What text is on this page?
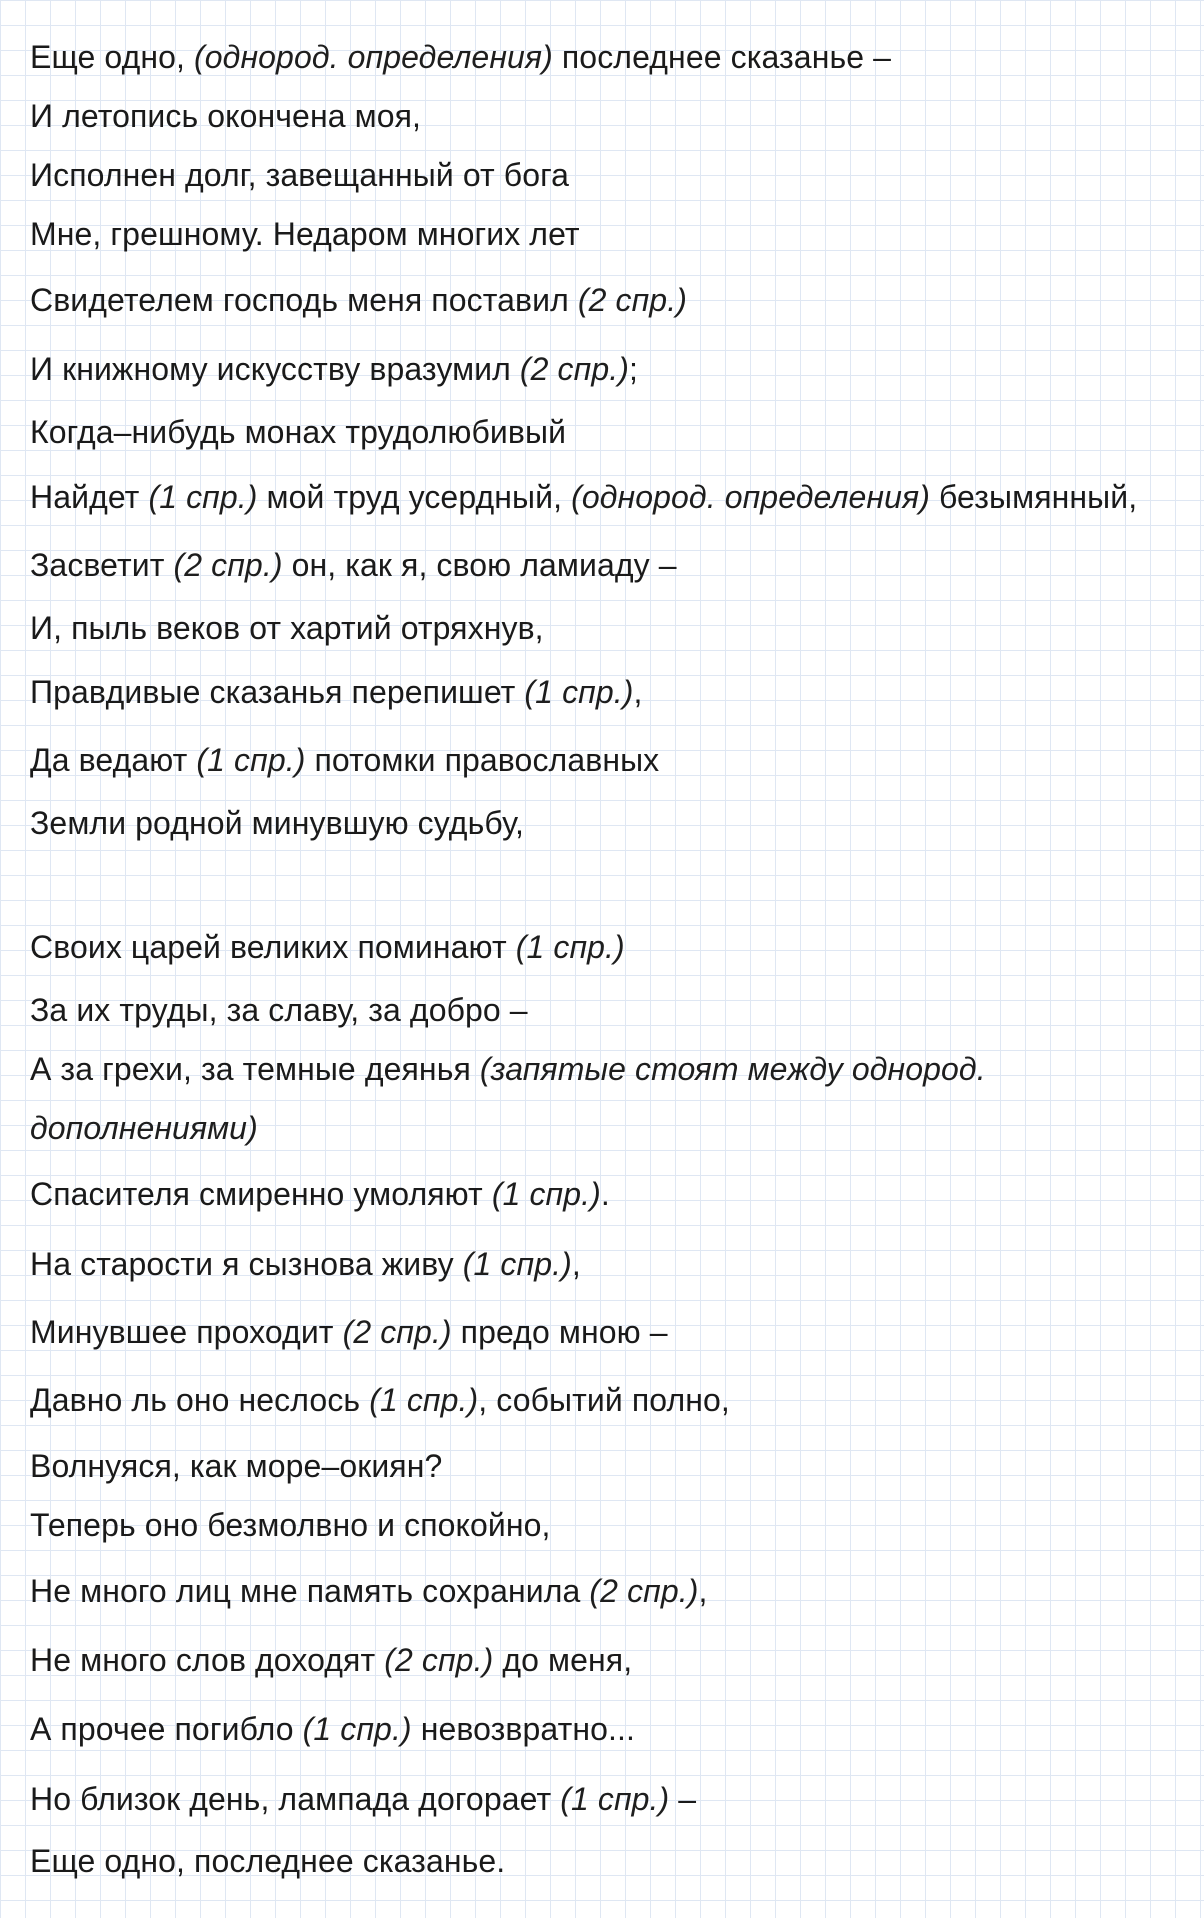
Еще одно, (однород. определения) последнее сказанье –
И летопись окончена моя,
Исполнен долг, завещанный от бога
Мне, грешному. Недаром многих лет
Свидетелем господь меня поставил (2 спр.)
И книжному искусству вразумил (2 спр.);
Когда–нибудь монах трудолюбивый
Найдет (1 спр.) мой труд усердный, (однород. определения) безымянный,
Засветит (2 спр.) он, как я, свою ламиаду –
И, пыль веков от хартий отряхнув,
Правдивые сказанья перепишет (1 спр.),
Да ведают (1 спр.) потомки православных
Земли родной минувшую судьбу,
Своих царей великих поминают (1 спр.)
За их труды, за славу, за добро –
А за грехи, за темные деянья (запятые стоят между однород.
дополнениями)
Спасителя смиренно умоляют (1 спр.).
На старости я сызнова живу (1 спр.),
Минувшее проходит (2 спр.) предо мною –
Давно ль оно неслось (1 спр.), событий полно,
Волнуяся, как море–окиян?
Теперь оно безмолвно и спокойно,
Не много лиц мне память сохранила (2 спр.),
Не много слов доходят (2 спр.) до меня,
А прочее погибло (1 спр.) невозвратно...
Но близок день, лампада догорает (1 спр.) –
Еще одно, последнее сказанье.
